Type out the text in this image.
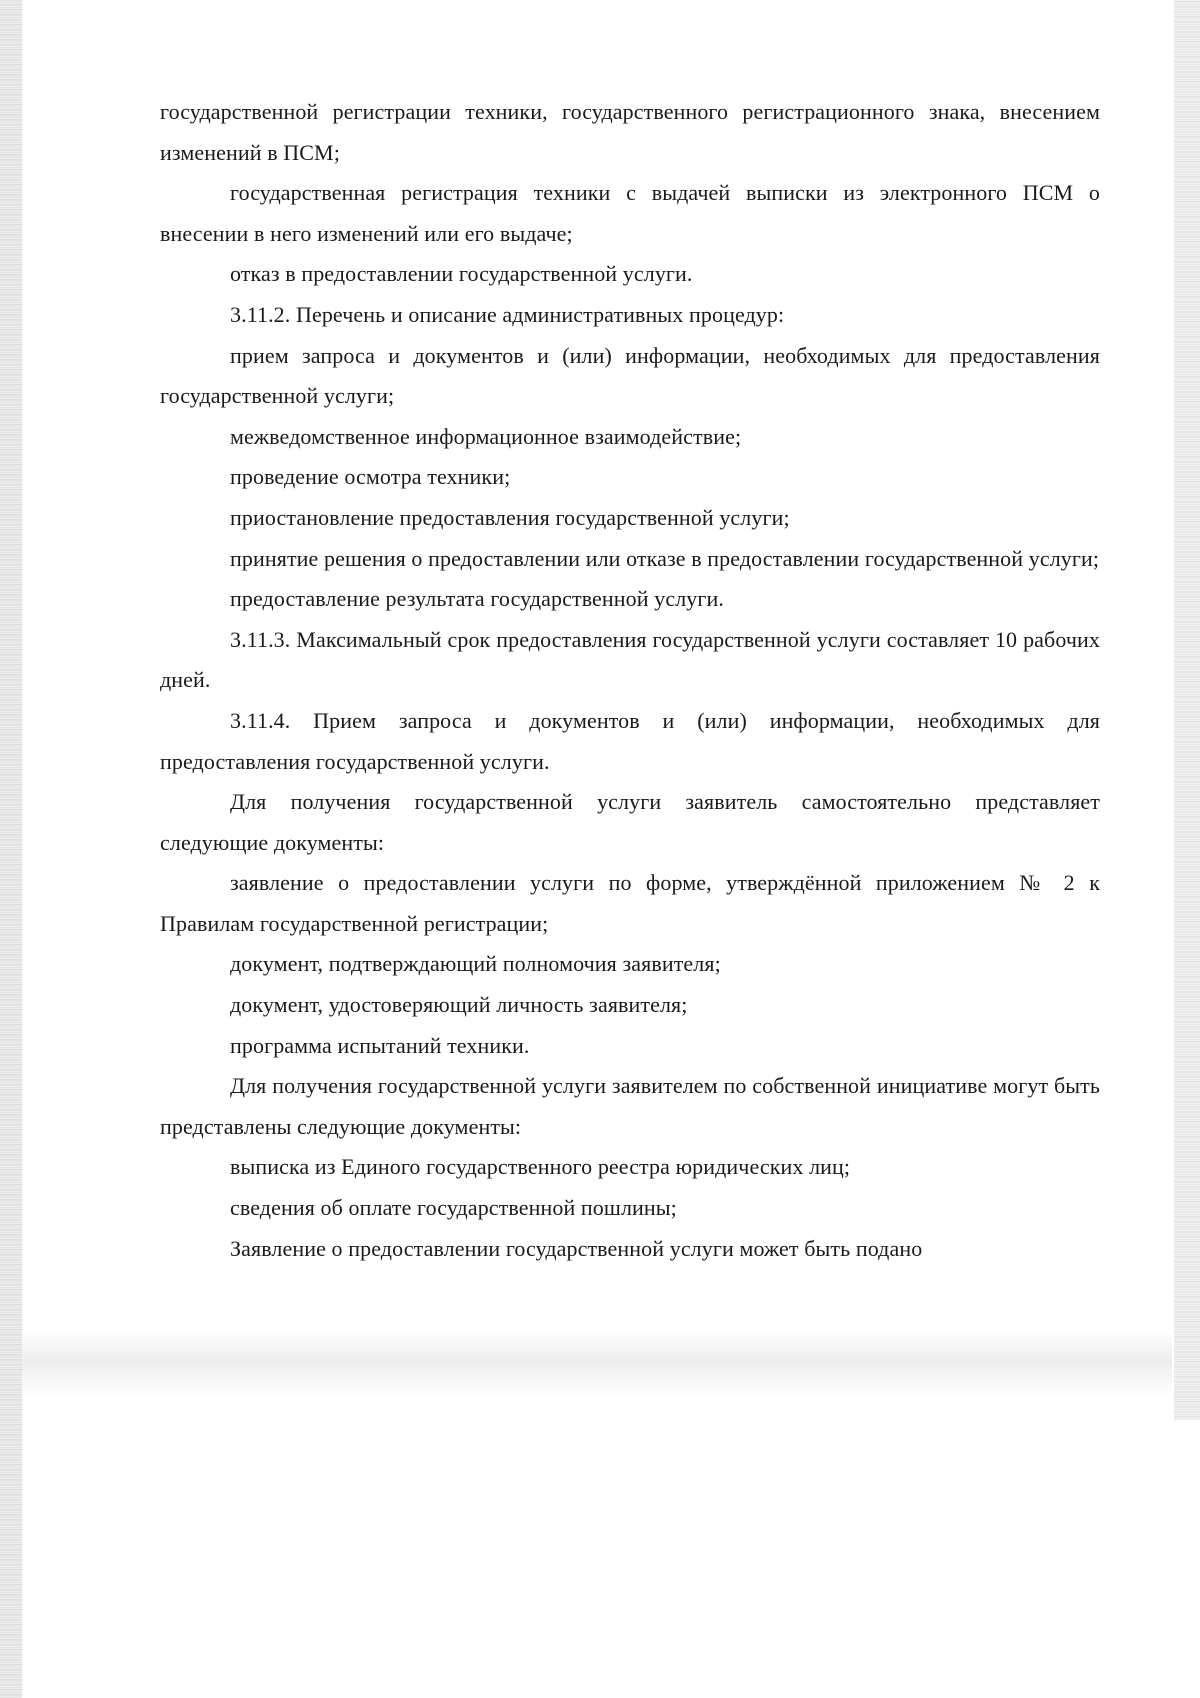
государственной регистрации техники, государственного регистрационного знака, внесением изменений в ПСМ;

государственная регистрация техники с выдачей выписки из электронного ПСМ о внесении в него изменений или его выдаче;

отказ в предоставлении государственной услуги.

3.11.2. Перечень и описание административных процедур:

прием запроса и документов и (или) информации, необходимых для предоставления государственной услуги;

межведомственное информационное взаимодействие;

проведение осмотра техники;

приостановление предоставления государственной услуги;

принятие решения о предоставлении или отказе в предоставлении государственной услуги;

предоставление результата государственной услуги.

3.11.3. Максимальный срок предоставления государственной услуги составляет 10 рабочих дней.

3.11.4. Прием запроса и документов и (или) информации, необходимых для предоставления государственной услуги.

Для получения государственной услуги заявитель самостоятельно представляет следующие документы:

заявление о предоставлении услуги по форме, утверждённой приложением № 2 к Правилам государственной регистрации;

документ, подтверждающий полномочия заявителя;

документ, удостоверяющий личность заявителя;

программа испытаний техники.

Для получения государственной услуги заявителем по собственной инициативе могут быть представлены следующие документы:

выписка из Единого государственного реестра юридических лиц;

сведения об оплате государственной пошлины;

Заявление о предоставлении государственной услуги может быть подано
